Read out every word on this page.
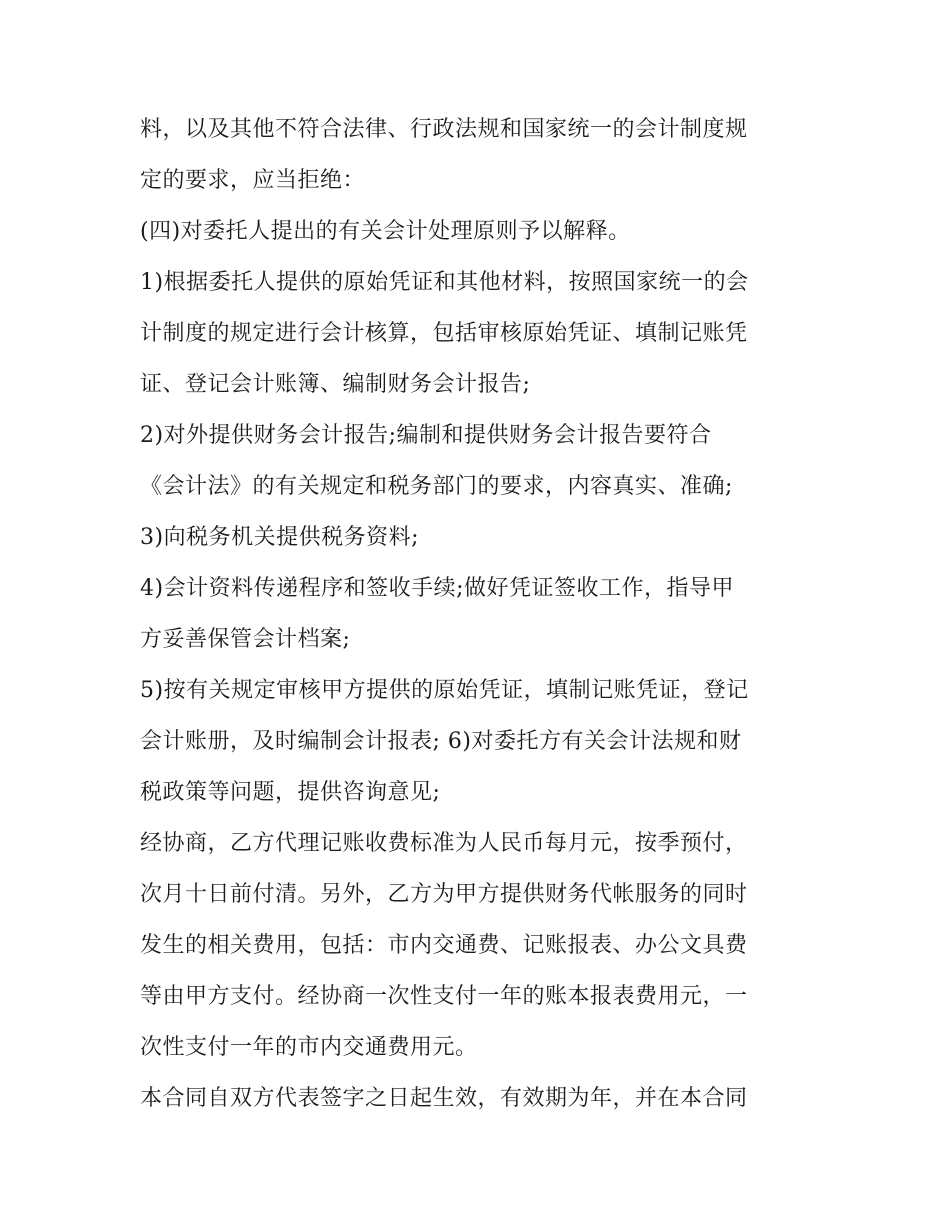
料，以及其他不符合法律、行政法规和国家统一的会计制度规
定的要求，应当拒绝：
(四)对委托人提出的有关会计处理原则予以解释。
1)根据委托人提供的原始凭证和其他材料，按照国家统一的会
计制度的规定进行会计核算，包括审核原始凭证、填制记账凭
证、登记会计账簿、编制财务会计报告;
2)对外提供财务会计报告;编制和提供财务会计报告要符合
《会计法》的有关规定和税务部门的要求，内容真实、准确;
3)向税务机关提供税务资料;
4)会计资料传递程序和签收手续;做好凭证签收工作，指导甲
方妥善保管会计档案;
5)按有关规定审核甲方提供的原始凭证，填制记账凭证，登记
会计账册，及时编制会计报表; 6)对委托方有关会计法规和财
税政策等问题，提供咨询意见;
经协商，乙方代理记账收费标准为人民币每月元，按季预付，
次月十日前付清。另外，乙方为甲方提供财务代帐服务的同时
发生的相关费用，包括：市内交通费、记账报表、办公文具费
等由甲方支付。经协商一次性支付一年的账本报表费用元，一
次性支付一年的市内交通费用元。
本合同自双方代表签字之日起生效，有效期为年，并在本合同
